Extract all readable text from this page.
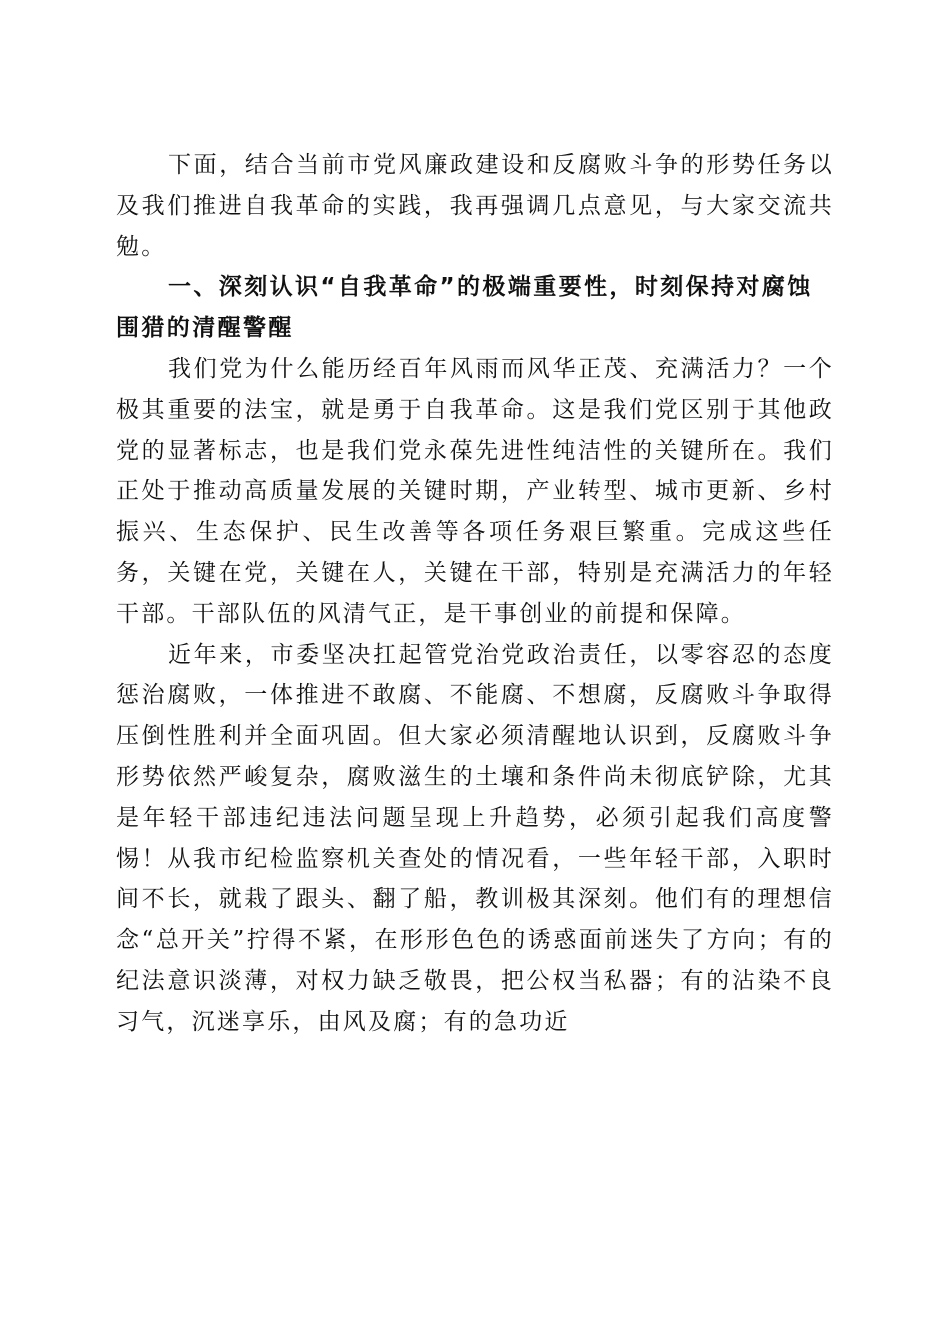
下面，结合当前市党风廉政建设和反腐败斗争的形势任务以及我们推进自我革命的实践，我再强调几点意见，与大家交流共勉。

一、深刻认识“自我革命”的极端重要性，时刻保持对腐蚀围猎的清醒警醒

我们党为什么能历经百年风雨而风华正茂、充满活力？一个极其重要的法宝，就是勇于自我革命。这是我们党区别于其他政党的显著标志，也是我们党永葆先进性纯洁性的关键所在。我们正处于推动高质量发展的关键时期，产业转型、城市更新、乡村振兴、生态保护、民生改善等各项任务艰巨繁重。完成这些任务，关键在党，关键在人，关键在干部，特别是充满活力的年轻干部。干部队伍的风清气正，是干事创业的前提和保障。

近年来，市委坚决扛起管党治党政治责任，以零容忍的态度惩治腐败，一体推进不敢腐、不能腐、不想腐，反腐败斗争取得压倒性胜利并全面巩固。但大家必须清醒地认识到，反腐败斗争形势依然严峻复杂，腐败滋生的土壤和条件尚未彻底铲除，尤其是年轻干部违纪违法问题呈现上升趋势，必须引起我们高度警惕！从我市纪检监察机关查处的情况看，一些年轻干部，入职时间不长，就栽了跟头、翻了船，教训极其深刻。他们有的理想信念“总开关”拧得不紧，在形形色色的诱惑面前迷失了方向；有的纪法意识淡薄，对权力缺乏敬畏，把公权当私器；有的沾染不良习气，沉迷享乐，由风及腐；有的急功近
